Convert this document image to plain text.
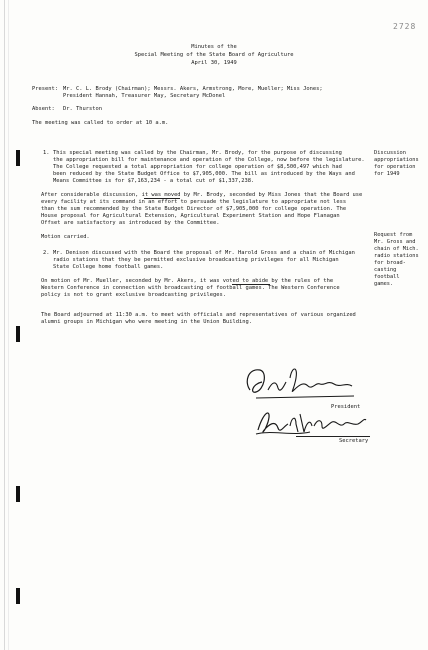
2728
Minutes of the
Special Meeting of the State Board of Agriculture
April 30, 1949
Present: Mr. C. L. Brody (Chairman); Messrs. Akers, Armstrong, More, Mueller; Miss Jones;
President Hannah, Treasurer May, Secretary McDonel
Absent: Dr. Thurston
The meeting was called to order at 10 a.m.
1. This special meeting was called by the Chairman, Mr. Brody, for the purpose of discussing
the appropriation bill for maintenance and operation of the College, now before the legislature.
The College requested a total appropriation for college operation of $8,500,497 which had
been reduced by the State Budget Office to $7,905,000. The bill as introduced by the Ways and
Means Committee is for $7,163,234 - a total cut of $1,337,238.
After considerable discussion, it was moved by Mr. Brody, seconded by Miss Jones that the Board use
every facility at its command in an effort to persuade the legislature to appropriate not less
than the sum recommended by the State Budget Director of $7,905,000 for college operation. The
House proposal for Agricultural Extension, Agricultural Experiment Station and Hope Flanagan
Offset are satisfactory as introduced by the Committee.
Motion carried.
2. Mr. Denison discussed with the Board the proposal of Mr. Harold Gross and a chain of Michigan
radio stations that they be permitted exclusive broadcasting privileges for all Michigan
State College home football games.
On motion of Mr. Mueller, seconded by Mr. Akers, it was voted to abide by the rules of the
Western Conference in connection with broadcasting of football games. The Western Conference
policy is not to grant exclusive broadcasting privileges.
The Board adjourned at 11:30 a.m. to meet with officials and representatives of various organized
alumni groups in Michigan who were meeting in the Union Building.
Discussion
appropriations
for operation
for 1949
Request from
Mr. Gross and
chain of Mich.
radio stations
for broad-
casting
football
games.
President
Secretary
